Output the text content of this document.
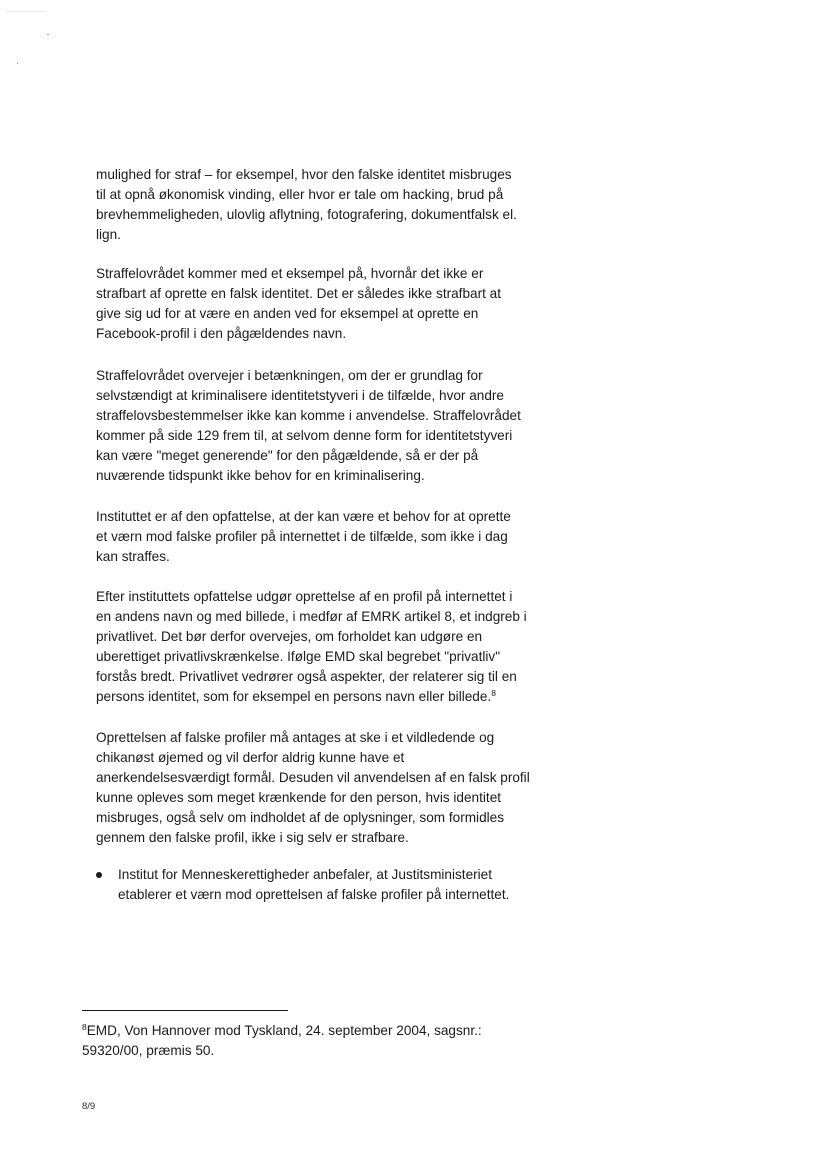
mulighed for straf – for eksempel, hvor den falske identitet misbruges
til at opnå økonomisk vinding, eller hvor er tale om hacking, brud på
brevhemmeligheden, ulovlig aflytning, fotografering, dokumentfalsk el.
lign.

Straffelovrådet kommer med et eksempel på, hvornår det ikke er
strafbart af oprette en falsk identitet. Det er således ikke strafbart at
give sig ud for at være en anden ved for eksempel at oprette en
Facebook-profil i den pågældendes navn.

Straffelovrådet overvejer i betænkningen, om der er grundlag for
selvstændigt at kriminalisere identitetstyveri i de tilfælde, hvor andre
straffelovsbestemmelser ikke kan komme i anvendelse. Straffelovrådet
kommer på side 129 frem til, at selvom denne form for identitetstyveri
kan være "meget generende" for den pågældende, så er der på
nuværende tidspunkt ikke behov for en kriminalisering.

Instituttet er af den opfattelse, at der kan være et behov for at oprette
et værn mod falske profiler på internettet i de tilfælde, som ikke i dag
kan straffes.

Efter instituttets opfattelse udgør oprettelse af en profil på internettet i
en andens navn og med billede, i medfør af EMRK artikel 8, et indgreb i
privatlivet. Det bør derfor overvejes, om forholdet kan udgøre en
uberettiget privatlivskrænkelse. Ifølge EMD skal begrebet "privatliv"
forstås bredt. Privatlivet vedrører også aspekter, der relaterer sig til en
persons identitet, som for eksempel en persons navn eller billede.$^8$

Oprettelsen af falske profiler må antages at ske i et vildledende og
chikanøst øjemed og vil derfor aldrig kunne have et
anerkendelsesværdigt formål. Desuden vil anvendelsen af en falsk profil
kunne opleves som meget krænkende for den person, hvis identitet
misbruges, også selv om indholdet af de oplysninger, som formidles
gennem den falske profil, ikke i sig selv er strafbare.

Institut for Menneskerettigheder anbefaler, at Justitsministeriet
etablerer et værn mod oprettelsen af falske profiler på internettet.
$^8$EMD, Von Hannover mod Tyskland, 24. september 2004, sagsnr.:
59320/00, præmis 50.
8/9
